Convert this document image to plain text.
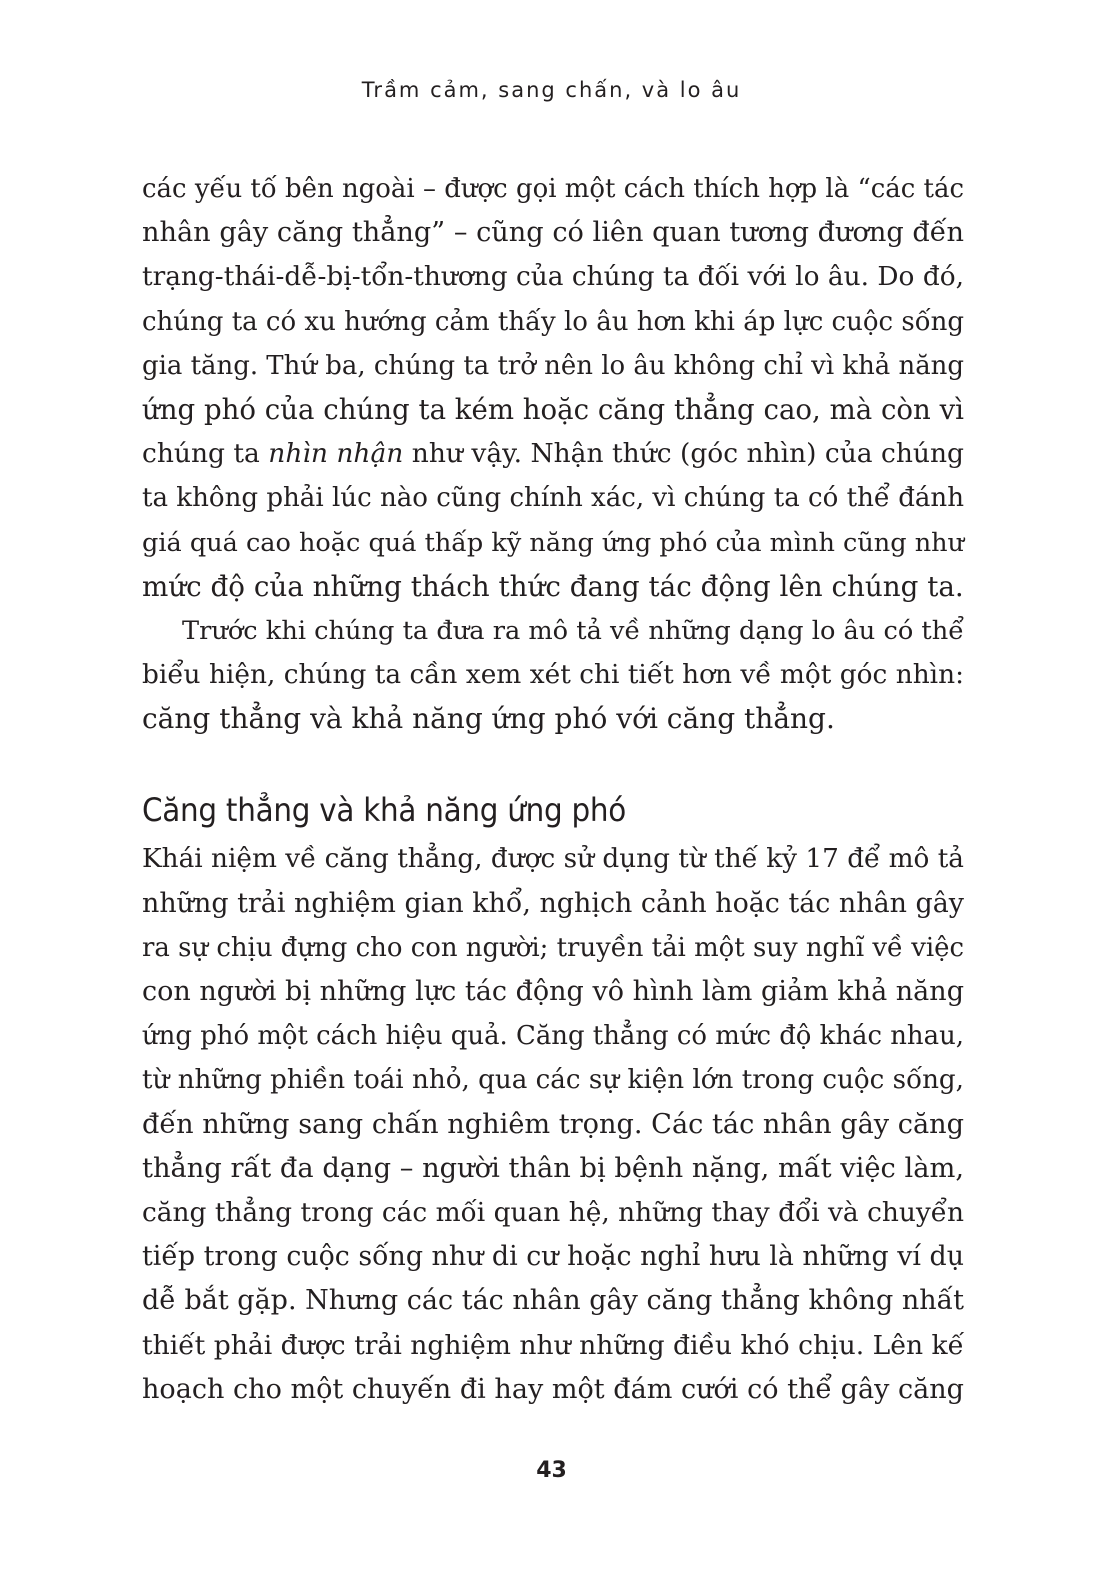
Trầm cảm, sang chấn, và lo âu

các yếu tố bên ngoài – được gọi một cách thích hợp là “các tác
nhân gây căng thẳng” – cũng có liên quan tương đương đến
trạng-thái-dễ-bị-tổn-thương của chúng ta đối với lo âu. Do đó,
chúng ta có xu hướng cảm thấy lo âu hơn khi áp lực cuộc sống
gia tăng. Thứ ba, chúng ta trở nên lo âu không chỉ vì khả năng
ứng phó của chúng ta kém hoặc căng thẳng cao, mà còn vì
chúng ta nhìn nhận như vậy. Nhận thức (góc nhìn) của chúng
ta không phải lúc nào cũng chính xác, vì chúng ta có thể đánh
giá quá cao hoặc quá thấp kỹ năng ứng phó của mình cũng như
mức độ của những thách thức đang tác động lên chúng ta.

Trước khi chúng ta đưa ra mô tả về những dạng lo âu có thể
biểu hiện, chúng ta cần xem xét chi tiết hơn về một góc nhìn:
căng thẳng và khả năng ứng phó với căng thẳng.

Căng thẳng và khả năng ứng phó

Khái niệm về căng thẳng, được sử dụng từ thế kỷ 17 để mô tả
những trải nghiệm gian khổ, nghịch cảnh hoặc tác nhân gây
ra sự chịu đựng cho con người; truyền tải một suy nghĩ về việc
con người bị những lực tác động vô hình làm giảm khả năng
ứng phó một cách hiệu quả. Căng thẳng có mức độ khác nhau,
từ những phiền toái nhỏ, qua các sự kiện lớn trong cuộc sống,
đến những sang chấn nghiêm trọng. Các tác nhân gây căng
thẳng rất đa dạng – người thân bị bệnh nặng, mất việc làm,
căng thẳng trong các mối quan hệ, những thay đổi và chuyển
tiếp trong cuộc sống như di cư hoặc nghỉ hưu là những ví dụ
dễ bắt gặp. Nhưng các tác nhân gây căng thẳng không nhất
thiết phải được trải nghiệm như những điều khó chịu. Lên kế
hoạch cho một chuyến đi hay một đám cưới có thể gây căng

43
